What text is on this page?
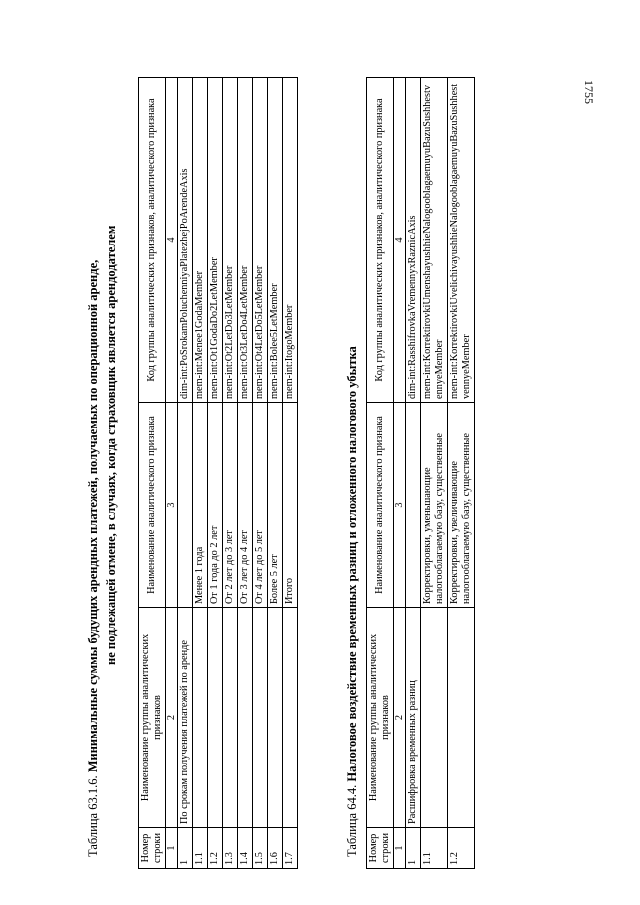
1755
Таблица 63.1.6. Минимальные суммы будущих арендных платежей, получаемых по операционной аренде, не подлежащей отмене, в случаях, когда страховщик является арендодателем
Номер строки	Наименование группы аналитических признаков	Наименование аналитического признака	Код группы аналитических признаков, аналитического признака
1	2	3	4
1	По срокам получения платежей по аренде		dim-int:PoSrokamPoluchenniyaPlatezhejPoArendeAxis
1.1		Менее 1 года	mem-int:Menee1GodaMember
1.2		От 1 года до 2 лет	mem-int:Ot1GodaDo2LetMember
1.3		От 2 лет до 3 лет	mem-int:Ot2LetDo3LetMember
1.4		От 3 лет до 4 лет	mem-int:Ot3LetDo4LetMember
1.5		От 4 лет до 5 лет	mem-int:Ot4LetDo5LetMember
1.6		Более 5 лет	mem-int:Bolee5LetMember
1.7		Итого	mem-int:ItogoMember
Таблица 64.4. Налоговое воздействие временных разниц и отложенного налогового убытка
Номер строки	Наименование группы аналитических признаков	Наименование аналитического признака	Код группы аналитических признаков, аналитического признака
1	2	3	4
1	Расшифровка временных разниц		dim-int:RasshifrovkaVremennyxRaznicAxis
1.1		Корректировки, уменьшающие налогооблагаемую базу, существенные	mem-int:KorrektirovkiUmenshayushhieNalogooblagaemuyuBazuSushhestvennyeMember
1.2		Корректировки, увеличивающие налогооблагаемую базу, существенные	mem-int:KorrektirovkiUvelichivayushhieNalogooblagaemuyuBazuSushhestvennyeMember
